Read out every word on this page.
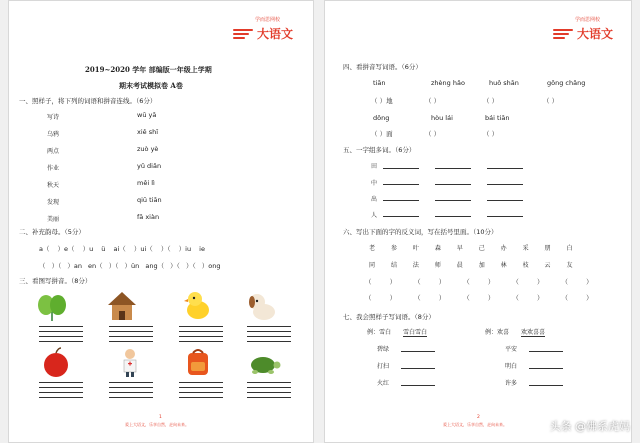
学而思网校
大语文
2019~2020 学年 部编版一年级上学期
期末考试模拟卷 A卷
一、照样子，将下列的词语和拼音连线。（6分）
写诗
乌鸦
两点
作业
秋天
发现
美丽
wū yā
xiě shī
zuò yè
yǔ diǎn
měi lì
qiū tiān
fā xiàn
二、补充韵母。（5分）
a（ ）e（ ）u ü ai（ ）ui（ ）（ ）iu ie
（ ）（ ）an en（ ）（ ）ün ang（ ）（ ）（ ）ong
三、看图写拼音。（8分）
1
爱上大语文，乐享自然，走向未来。
学而思网校
大语文
四、看拼音写词语。（6分）
tiān	zhèng hǎo	huǒ shān	gōng chǎng
（ ）地	（ ）	（ ）	（ ）
dōng	hòu lái	bái tiān
（ ）面	（ ）	（ ）
五、一字组多词。（6分）
田
中
出
人
六、写出下面的字的反义词，写在括号里面。（10分）
老	参	叶	森	早	己	办	采	朋	白
同	结	法	师	晨	加	林	枝	云	友
（ ） （ ） （ ） （ ） （ ）
（ ） （ ） （ ） （ ） （ ）
七、我会照样子写词语。（8分）
例：雪白 雪白雪白	例：欢喜 欢欢喜喜
碧绿
打扫
火红
平安
明白
许多
2
爱上大语文，乐享自然，走向未来。	头条 @佛系虎妈
